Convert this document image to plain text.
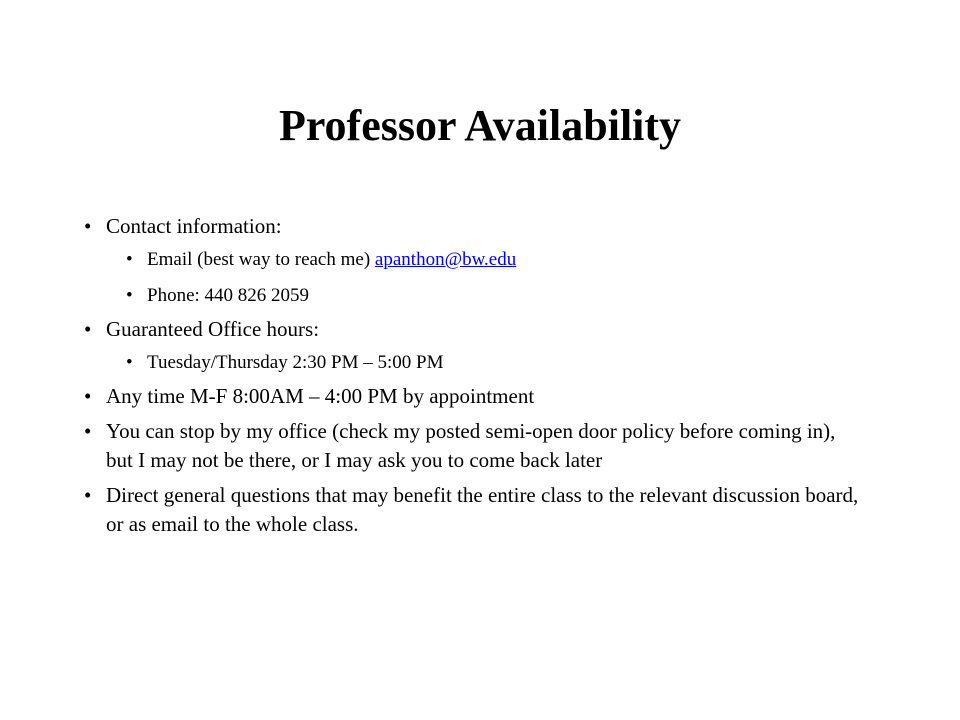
Professor Availability
• Contact information:
• Email (best way to reach me) apanthon@bw.edu
• Phone: 440 826 2059
• Guaranteed Office hours:
• Tuesday/Thursday 2:30 PM – 5:00 PM
• Any time M-F 8:00AM – 4:00 PM by appointment
• You can stop by my office (check my posted semi-open door policy before coming in), but I may not be there, or I may ask you to come back later
• Direct general questions that may benefit the entire class to the relevant discussion board, or as email to the whole class.
